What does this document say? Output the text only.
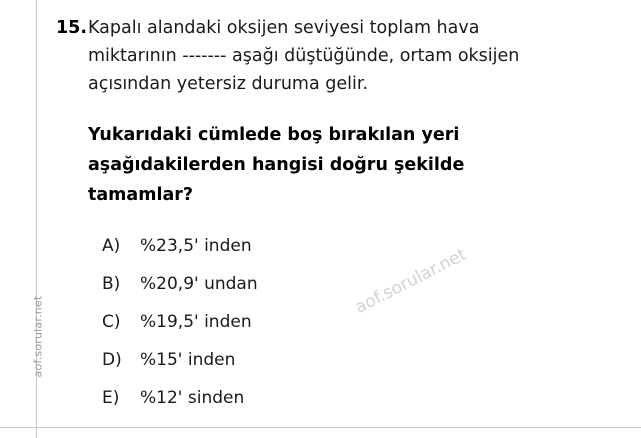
aof.sorular.net
aof.sorular.net
15. Kapalı alandaki oksijen seviyesi toplam hava
miktarının ------- aşağı düştüğünde, ortam oksijen
açısından yetersiz duruma gelir.
Yukarıdaki cümlede boş bırakılan yeri
aşağıdakilerden hangisi doğru şekilde
tamamlar?
A)	%23,5' inden
B)	%20,9' undan
C)	%19,5' inden
D)	%15' inden
E)	%12' sinden
